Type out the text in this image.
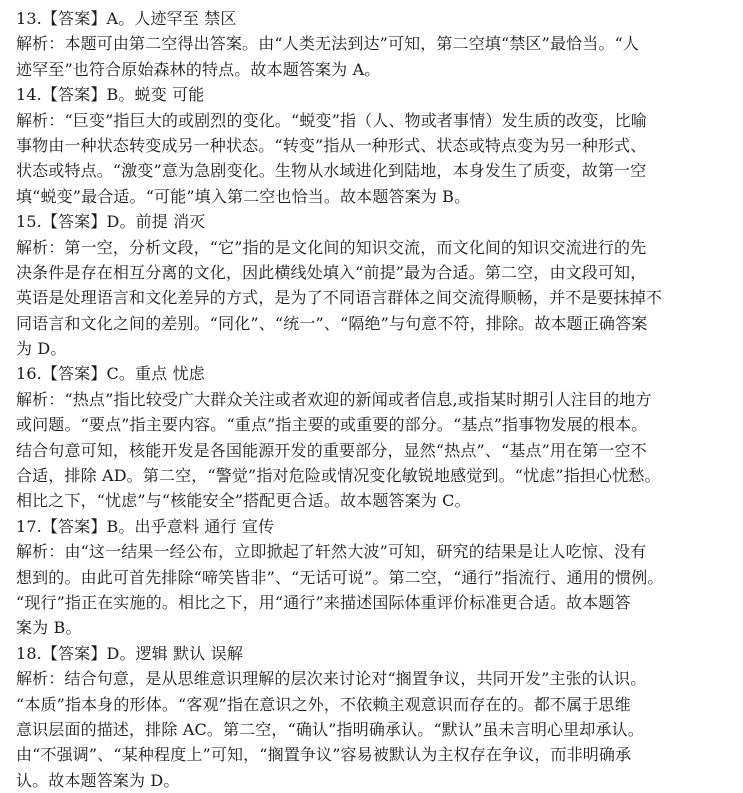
13.【答案】A。人迹罕至 禁区
解析：本题可由第二空得出答案。由“人类无法到达”可知，第二空填“禁区”最恰当。“人
迹罕至”也符合原始森林的特点。故本题答案为 A。
14.【答案】B。蜕变 可能
解析：“巨变”指巨大的或剧烈的变化。“蜕变”指（人、物或者事情）发生质的改变，比喻
事物由一种状态转变成另一种状态。“转变”指从一种形式、状态或特点变为另一种形式、
状态或特点。“激变”意为急剧变化。生物从水域进化到陆地，本身发生了质变，故第一空
填“蜕变”最合适。“可能”填入第二空也恰当。故本题答案为 B。
15.【答案】D。前提 消灭
解析：第一空，分析文段，“它”指的是文化间的知识交流，而文化间的知识交流进行的先
决条件是存在相互分离的文化，因此横线处填入“前提”最为合适。第二空，由文段可知，
英语是处理语言和文化差异的方式，是为了不同语言群体之间交流得顺畅，并不是要抹掉不
同语言和文化之间的差别。“同化”、“统一”、“隔绝”与句意不符，排除。故本题正确答案
为 D。
16.【答案】C。重点 忧虑
解析：“热点”指比较受广大群众关注或者欢迎的新闻或者信息,或指某时期引人注目的地方
或问题。“要点”指主要内容。“重点”指主要的或重要的部分。“基点”指事物发展的根本。
结合句意可知，核能开发是各国能源开发的重要部分，显然“热点”、“基点”用在第一空不
合适，排除 AD。第二空，“警觉”指对危险或情况变化敏锐地感觉到。“忧虑”指担心忧愁。
相比之下，“忧虑”与“核能安全”搭配更合适。故本题答案为 C。
17.【答案】B。出乎意料 通行 宣传
解析：由“这一结果一经公布，立即掀起了轩然大波”可知，研究的结果是让人吃惊、没有
想到的。由此可首先排除“啼笑皆非”、“无话可说”。第二空，“通行”指流行、通用的惯例。
“现行”指正在实施的。相比之下，用“通行”来描述国际体重评价标准更合适。故本题答
案为 B。
18.【答案】D。逻辑 默认 误解
解析：结合句意，是从思维意识理解的层次来讨论对“搁置争议，共同开发”主张的认识。
“本质”指本身的形体。“客观”指在意识之外，不依赖主观意识而存在的。都不属于思维
意识层面的描述，排除 AC。第二空，“确认”指明确承认。“默认”虽未言明心里却承认。
由“不强调”、“某种程度上”可知，“搁置争议”容易被默认为主权存在争议，而非明确承
认。故本题答案为 D。
